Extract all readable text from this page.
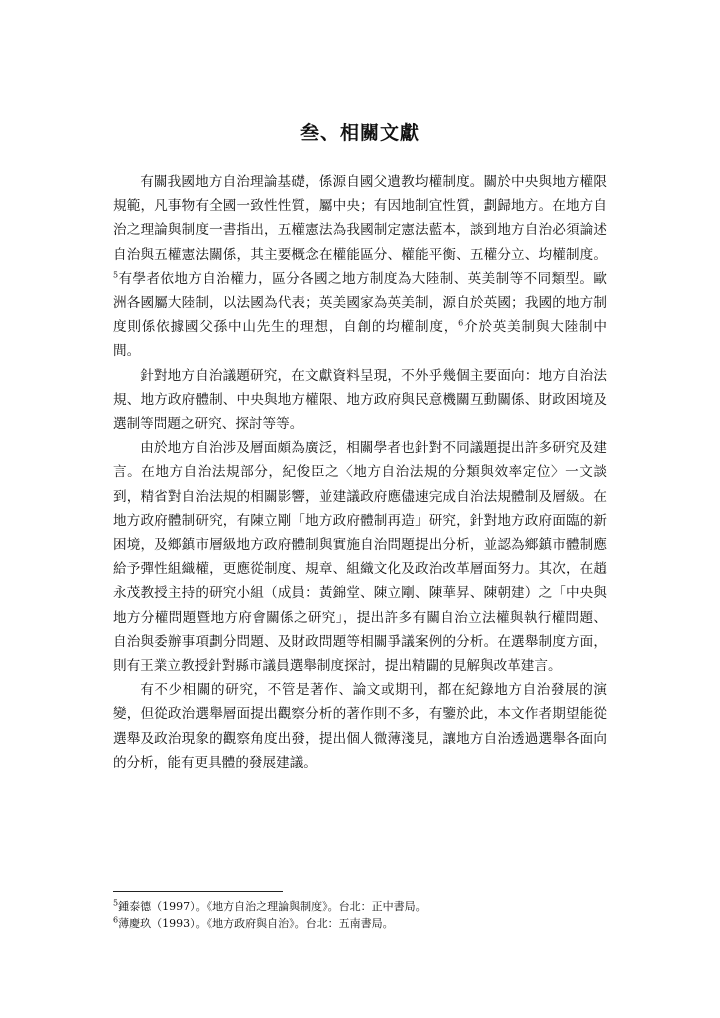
叁、相關文獻

有關我國地方自治理論基礎，係源自國父遺教均權制度。關於中央與地方權限規範，凡事物有全國一致性性質，屬中央；有因地制宜性質，劃歸地方。在地方自治之理論與制度一書指出，五權憲法為我國制定憲法藍本，談到地方自治必須論述自治與五權憲法關係，其主要概念在權能區分、權能平衡、五權分立、均權制度。$^5$有學者依地方自治權力，區分各國之地方制度為大陸制、英美制等不同類型。歐洲各國屬大陸制，以法國為代表；英美國家為英美制，源自於英國；我國的地方制度則係依據國父孫中山先生的理想，自創的均權制度，$^6$介於英美制與大陸制中間。

針對地方自治議題研究，在文獻資料呈現，不外乎幾個主要面向：地方自治法規、地方政府體制、中央與地方權限、地方政府與民意機關互動關係、財政困境及選制等問題之研究、探討等等。

由於地方自治涉及層面頗為廣泛，相關學者也針對不同議題提出許多研究及建言。在地方自治法規部分，紀俊臣之〈地方自治法規的分類與效率定位〉一文談到，精省對自治法規的相關影響，並建議政府應儘速完成自治法規體制及層級。在地方政府體制研究，有陳立剛「地方政府體制再造」研究，針對地方政府面臨的新困境，及鄉鎮市層級地方政府體制與實施自治問題提出分析，並認為鄉鎮市體制應給予彈性組織權，更應從制度、規章、組織文化及政治改革層面努力。其次，在趙永茂教授主持的研究小組（成員：黃錦堂、陳立剛、陳華昇、陳朝建）之「中央與地方分權問題暨地方府會關係之研究」，提出許多有關自治立法權與執行權問題、自治與委辦事項劃分問題、及財政問題等相關爭議案例的分析。在選舉制度方面，則有王業立教授針對縣市議員選舉制度探討，提出精闢的見解與改革建言。

有不少相關的研究，不管是著作、論文或期刊，都在紀錄地方自治發展的演變，但從政治選舉層面提出觀察分析的著作則不多，有鑒於此，本文作者期望能從選舉及政治現象的觀察角度出發，提出個人微薄淺見，讓地方自治透過選舉各面向的分析，能有更具體的發展建議。

$^5$鍾泰德（1997）。《地方自治之理論與制度》。台北：正中書局。

$^6$薄慶玖（1993）。《地方政府與自治》。台北：五南書局。
